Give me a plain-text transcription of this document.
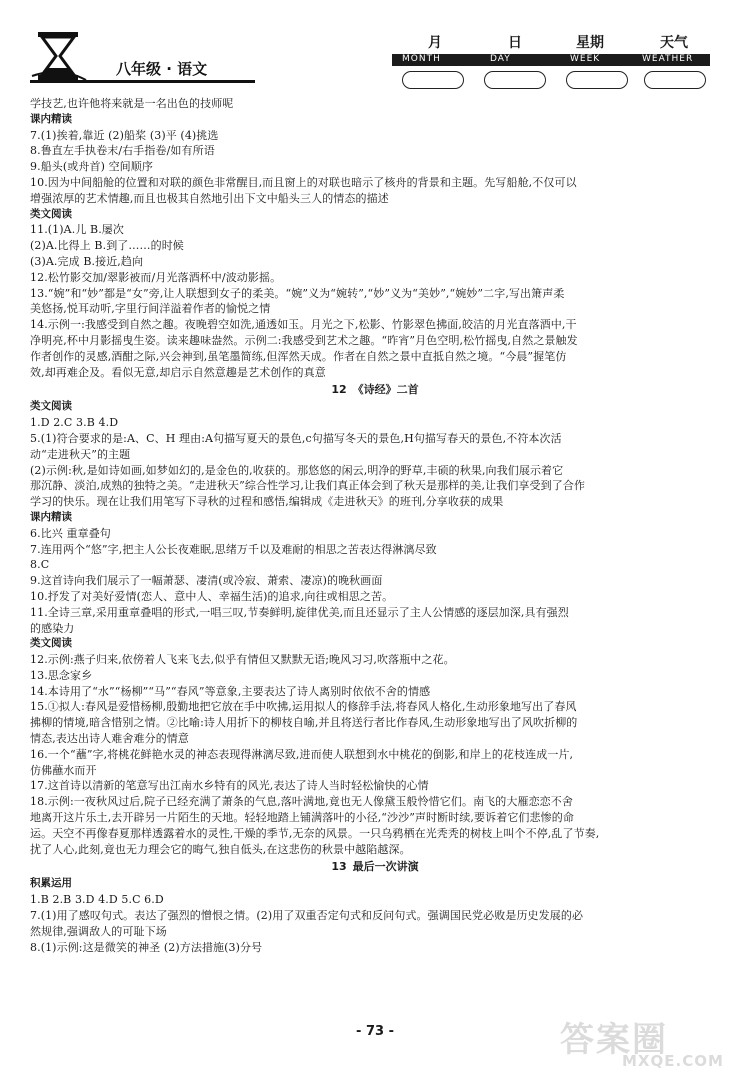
八年级 · 语文
月	日	星期	天气
MONTH	DAY	WEEK	WEATHER
学技艺,也许他将来就是一名出色的技师呢
课内精读
7.(1)挨着,靠近 (2)船桨 (3)平 (4)挑选
8.鲁直左手执卷末/右手指卷/如有所语
9.船头(或舟首) 空间顺序
10.因为中间船舱的位置和对联的颜色非常醒目,而且窗上的对联也暗示了核舟的背景和主题。先写船舱,不仅可以
增强浓厚的艺术情趣,而且也极其自然地引出下文中船头三人的情态的描述
类文阅读
11.(1)A.儿 B.屡次
(2)A.比得上 B.到了……的时候
(3)A.完成 B.接近,趋向
12.松竹影交加/翠影被而/月光落酒杯中/波动影摇。
13.“婉”和“妙”都是“女”旁,让人联想到女子的柔美。“婉”义为“婉转”,“妙”义为“美妙”,“婉妙”二字,写出箫声柔
美悠扬,悦耳动听,字里行间洋溢着作者的愉悦之情
14.示例一:我感受到自然之趣。夜晚碧空如洗,通透如玉。月光之下,松影、竹影翠色拂面,皎洁的月光直落酒中,干
净明亮,杯中月影摇曳生姿。读来趣味盎然。示例二:我感受到艺术之趣。“昨宵”月色空明,松竹摇曳,自然之景触发
作者创作的灵感,酒酣之际,兴会神到,虽笔墨简练,但浑然天成。作者在自然之景中直抵自然之境。“今晨”握笔仿
效,却再难企及。看似无意,却启示自然意趣是艺术创作的真意
12 《诗经》二首
类文阅读
1.D 2.C 3.B 4.D
5.(1)符合要求的是:A、C、H 理由:A句描写夏天的景色,c句描写冬天的景色,H句描写春天的景色,不符本次活
动“走进秋天”的主题
(2)示例:秋,是如诗如画,如梦如幻的,是金色的,收获的。那悠悠的闲云,明净的野草,丰硕的秋果,向我们展示着它
那沉静、淡泊,成熟的独特之美。“走进秋天”综合性学习,让我们真正体会到了秋天是那样的美,让我们享受到了合作
学习的快乐。现在让我们用笔写下寻秋的过程和感悟,编辑成《走进秋天》的班刊,分享收获的成果
课内精读
6.比兴 重章叠句
7.连用两个“悠”字,把主人公长夜难眠,思绪万千以及难耐的相思之苦表达得淋漓尽致
8.C
9.这首诗向我们展示了一幅萧瑟、凄清(或冷寂、萧索、凄凉)的晚秋画面
10.抒发了对美好爱情(恋人、意中人、幸福生活)的追求,向往或相思之苦。
11.全诗三章,采用重章叠唱的形式,一唱三叹,节奏鲜明,旋律优美,而且还显示了主人公情感的逐层加深,具有强烈
的感染力
类文阅读
12.示例:燕子归来,依傍着人飞来飞去,似乎有情但又默默无语;晚风习习,吹落瓶中之花。
13.思念家乡
14.本诗用了“水”“杨柳”“马”“春风”等意象,主要表达了诗人离别时依依不舍的情感
15.①拟人:春风是爱惜杨柳,殷勤地把它放在手中吹拂,运用拟人的修辞手法,将春风人格化,生动形象地写出了春风
拂柳的情境,暗含惜别之情。②比喻:诗人用折下的柳枝自喻,并且将送行者比作春风,生动形象地写出了风吹折柳的
情态,表达出诗人难舍难分的情意
16.一个“蘸”字,将桃花鲜艳水灵的神态表现得淋漓尽致,进而使人联想到水中桃花的倒影,和岸上的花枝连成一片,
仿佛蘸水而开
17.这首诗以清新的笔意写出江南水乡特有的风光,表达了诗人当时轻松愉快的心情
18.示例:一夜秋风过后,院子已经充满了萧条的气息,落叶满地,竟也无人像黛玉般怜惜它们。南飞的大雁恋恋不舍
地离开这片乐土,去开辟另一片陌生的天地。轻轻地踏上铺满落叶的小径,“沙沙”声时断时续,要诉着它们悲惨的命
运。天空不再像春夏那样透露着水的灵性,干燥的季节,无奈的风景。一只乌鸦栖在光秃秃的树枝上叫个不停,乱了节奏,
扰了人心,此刻,竟也无力理会它的晦气,独自低头,在这悲伤的秋景中越陷越深。
13 最后一次讲演
积累运用
1.B 2.B 3.D 4.D 5.C 6.D
7.(1)用了感叹句式。表达了强烈的憎恨之情。(2)用了双重否定句式和反问句式。强调国民党必败是历史发展的必
然规律,强调敌人的可耻下场
8.(1)示例:这是微笑的神圣 (2)方法措施(3)分号
- 73 -	答案圈
MXQE.COM
